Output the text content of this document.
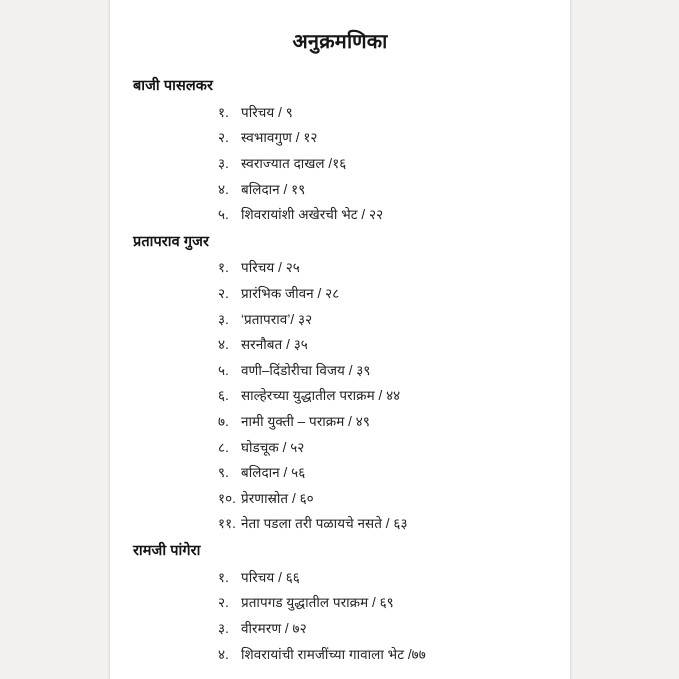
अनुक्रमणिका
बाजी पासलकर
१. परिचय / ९
२. स्वभावगुण / १२
३. स्वराज्यात दाखल /१६
४. बलिदान / १९
५. शिवरायांशी अखेरची भेट / २२
प्रतापराव गुजर
१. परिचय / २५
२. प्रारंभिक जीवन / २८
३. ‘प्रतापराव’/ ३२
४. सरनौबत / ३५
५. वणी–दिंडोरीचा विजय / ३९
६. साल्हेरच्या युद्धातील पराक्रम / ४४
७. नामी युक्ती – पराक्रम / ४९
८. घोडचूक / ५२
९. बलिदान / ५६
१०. प्रेरणास्रोत / ६०
११. नेता पडला तरी पळायचे नसते / ६३
रामजी पांगेरा
१. परिचय / ६६
२. प्रतापगड युद्धातील पराक्रम / ६९
३. वीरमरण / ७२
४. शिवरायांची रामजींच्या गावाला भेट /७७
